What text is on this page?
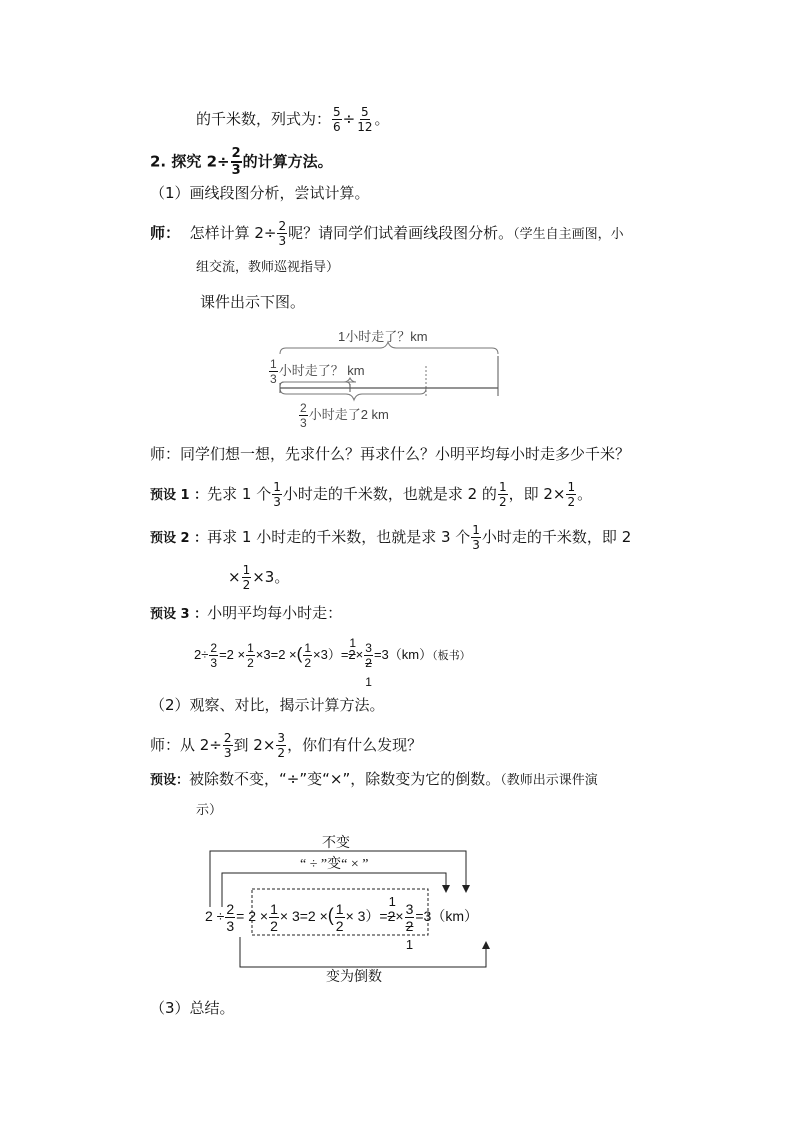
的千米数，列式为： $\frac{5}{6} \div \frac{5}{12}$ 。
2. 探究 $2\div \frac{2}{3}$ 的计算方法。
（1）画线段图分析，尝试计算。
师： 怎样计算 $2\div \frac{2}{3}$ 呢？请同学们试着画线段图分析。（学生自主画图，小
组交流，教师巡视指导）
课件出示下图。
1小时走了？km
$\frac{1}{3}$ 小时走了？ km
$\frac{2}{3}$ 小时走了2 km
师：同学们想一想，先求什么？再求什么？小明平均每小时走多少千米？
预设 1 ：先求 1 个 $\frac{1}{3}$ 小时走的千米数，也就是求 2 的 $\frac{1}{2}$ ，即 $2\times \frac{1}{2}$ 。
预设 2 ：再求 1 小时走的千米数，也就是求 3 个 $\frac{1}{3}$ 小时走的千米数，即 2
× $\frac{1}{2} \times 3$。
预设 3 ：小明平均每小时走：
$2\div \frac{2}{3} =2 \times \frac{1}{2} \times 3=2$ ×( $\frac{1}{2} \times 3)=2$
1
× 3
2
1
=3（km）（板书）
（2）观察、对比，揭示计算方法。
师：从 $2\div \frac{2}{3}$ 到 $2\times \frac{3}{2}$ ，你们有什么发现？
预设：被除数不变，“÷”变“×”，除数变为它的倒数。（教师出示课件演
示）
不变
“ ÷ ”变“ × ”
变为倒数
$2 \div \frac{2}{3} = 2 \times \frac{1}{2} \times 3=2$ ×( $\frac{1}{2} \times 3)=2$
1
× 3
2
1
=3（km）
（3）总结。
